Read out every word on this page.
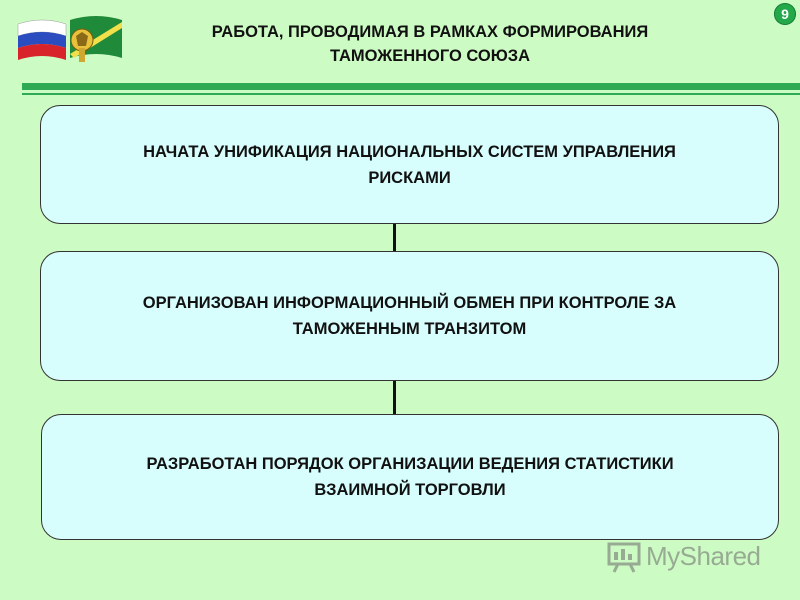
РАБОТА, ПРОВОДИМАЯ В РАМКАХ ФОРМИРОВАНИЯ
ТАМОЖЕННОГО СОЮЗА
9
НАЧАТА УНИФИКАЦИЯ НАЦИОНАЛЬНЫХ СИСТЕМ УПРАВЛЕНИЯ
РИСКАМИ
ОРГАНИЗОВАН ИНФОРМАЦИОННЫЙ ОБМЕН ПРИ КОНТРОЛЕ ЗА
ТАМОЖЕННЫМ ТРАНЗИТОМ
РАЗРАБОТАН ПОРЯДОК ОРГАНИЗАЦИИ ВЕДЕНИЯ СТАТИСТИКИ
ВЗАИМНОЙ ТОРГОВЛИ
MyShared
